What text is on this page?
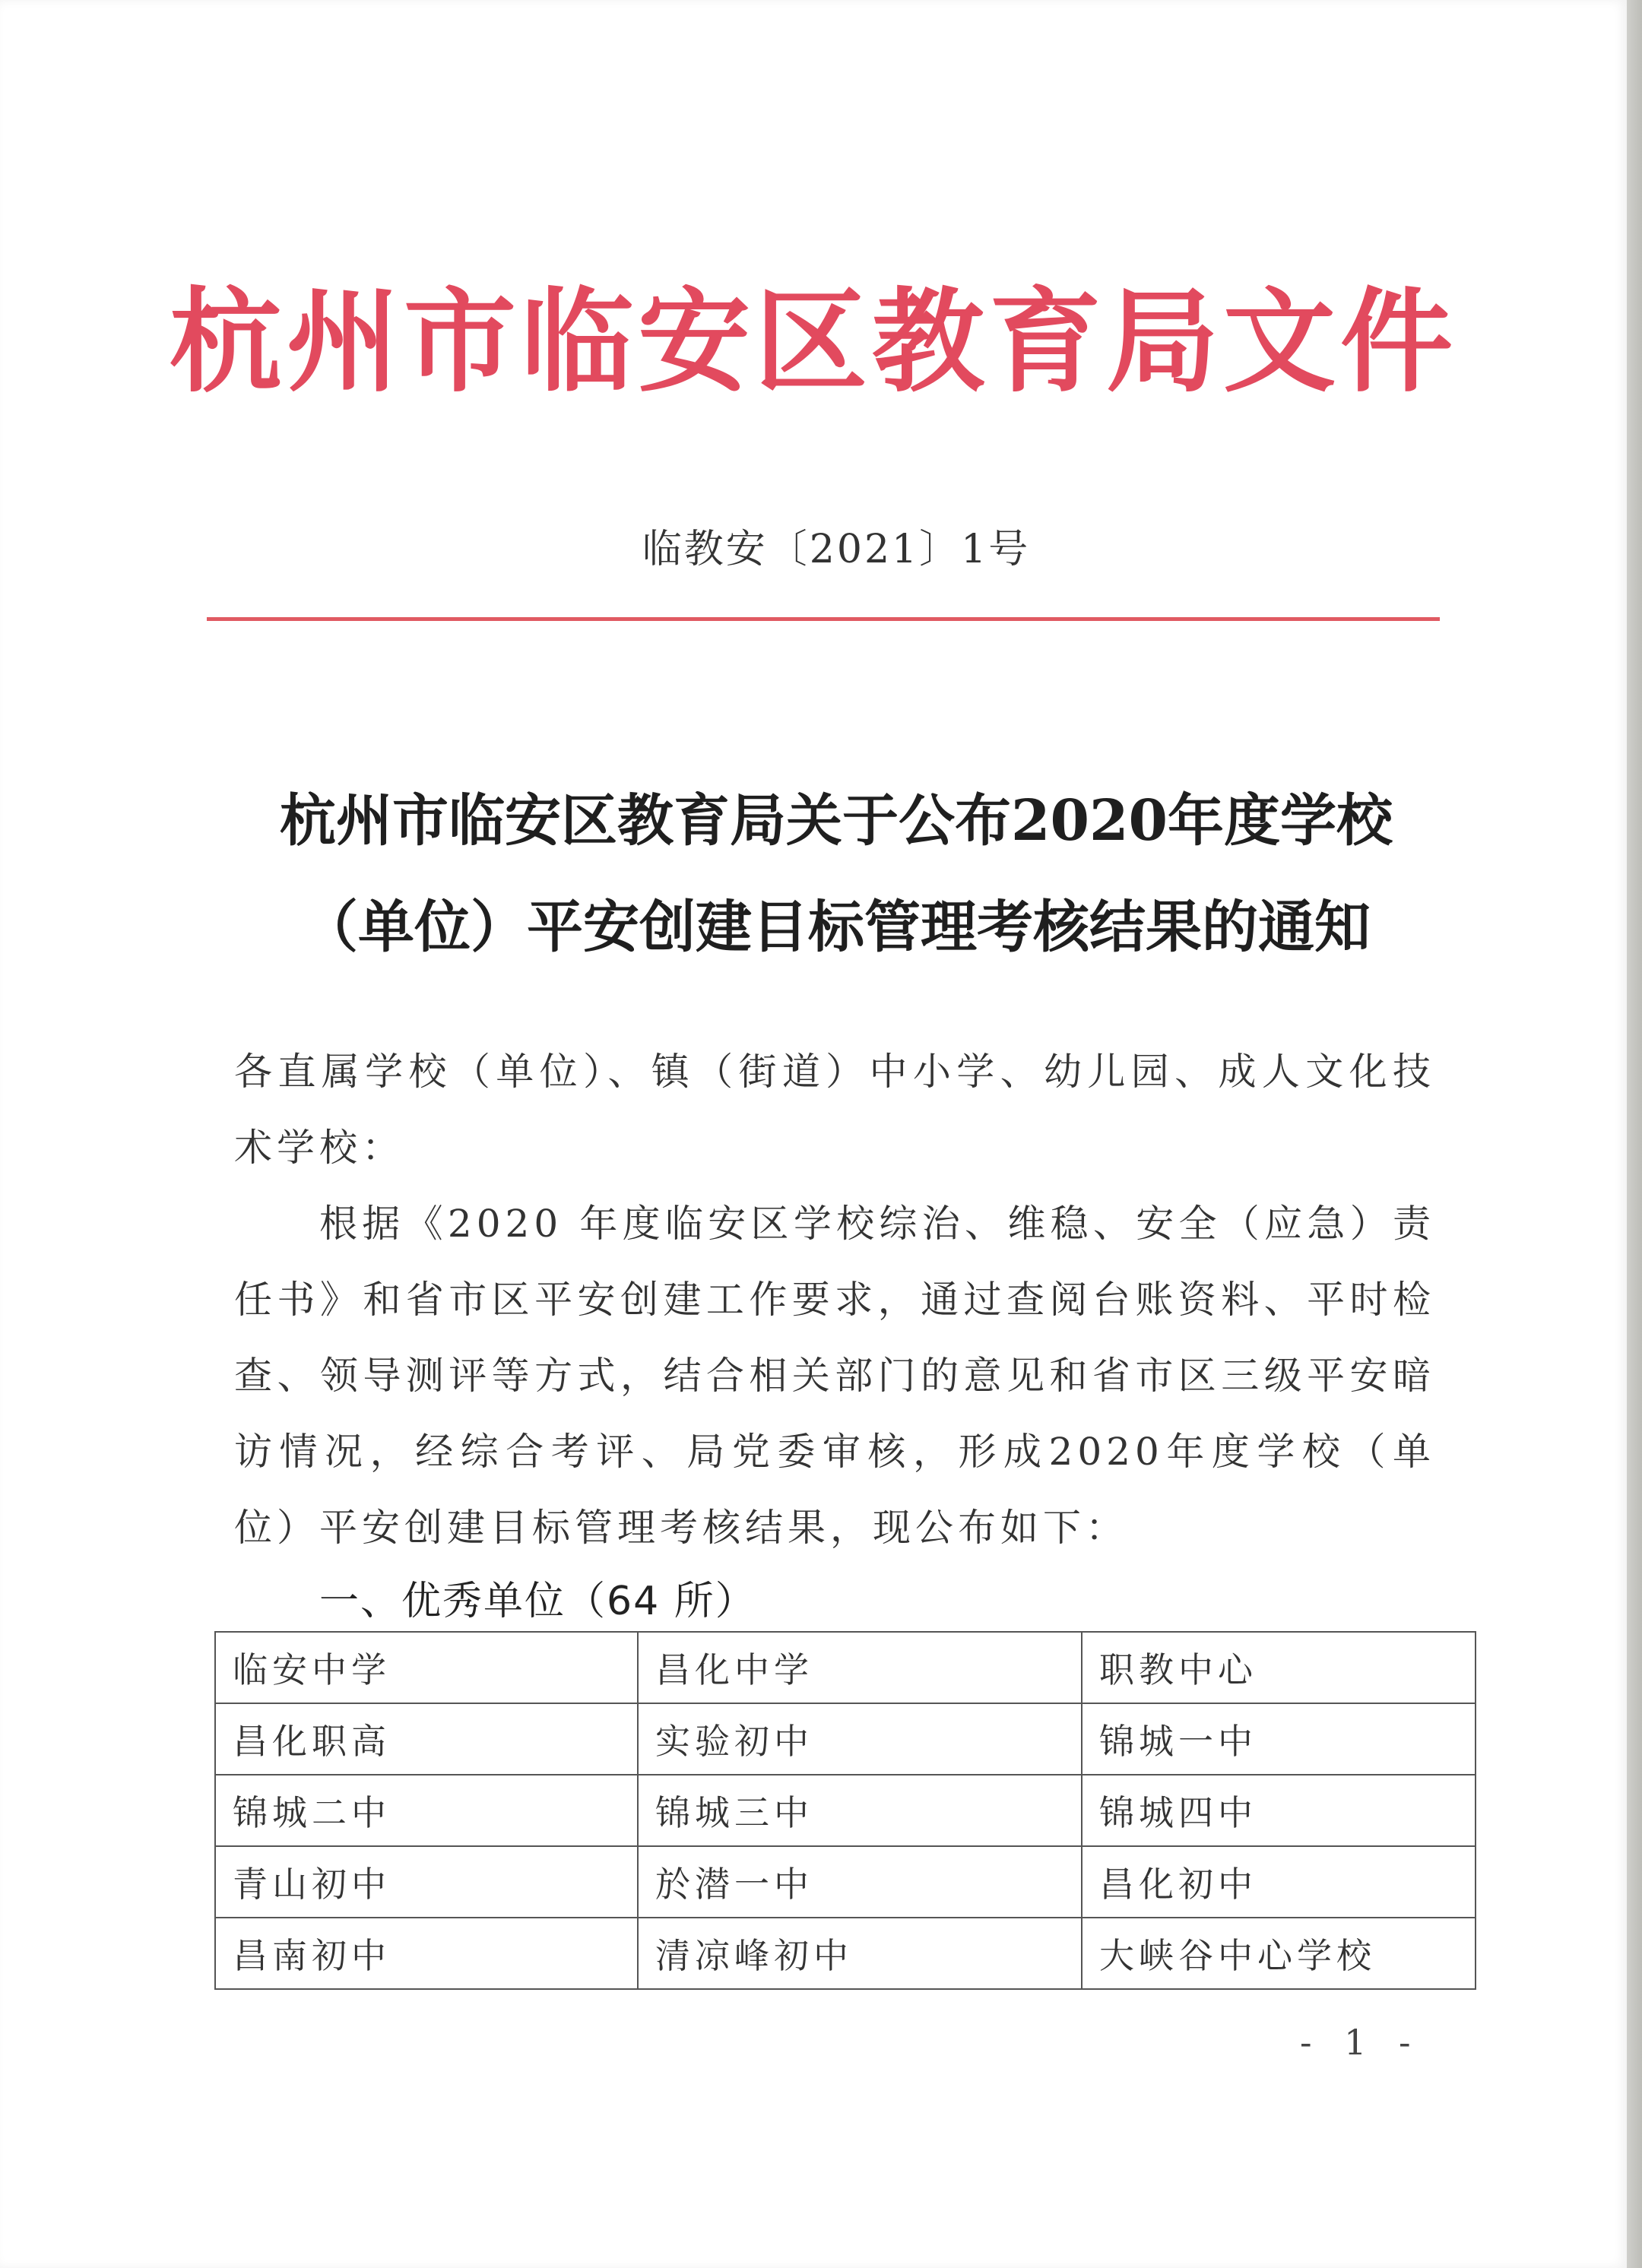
杭州市临安区教育局文件
临教安〔2021〕1号
杭州市临安区教育局关于公布2020年度学校
（单位）平安创建目标管理考核结果的通知
各直属学校（单位）、镇（街道）中小学、幼儿园、成人文化技术学校：
根据《2020 年度临安区学校综治、维稳、安全（应急）责任书》和省市区平安创建工作要求，通过查阅台账资料、平时检查、领导测评等方式，结合相关部门的意见和省市区三级平安暗访情况，经综合考评、局党委审核，形成2020年度学校（单位）平安创建目标管理考核结果，现公布如下：
一、优秀单位（64 所）
临安中学	昌化中学	职教中心
昌化职高	实验初中	锦城一中
锦城二中	锦城三中	锦城四中
青山初中	於潜一中	昌化初中
昌南初中	清凉峰初中	大峡谷中心学校
- 1 -
